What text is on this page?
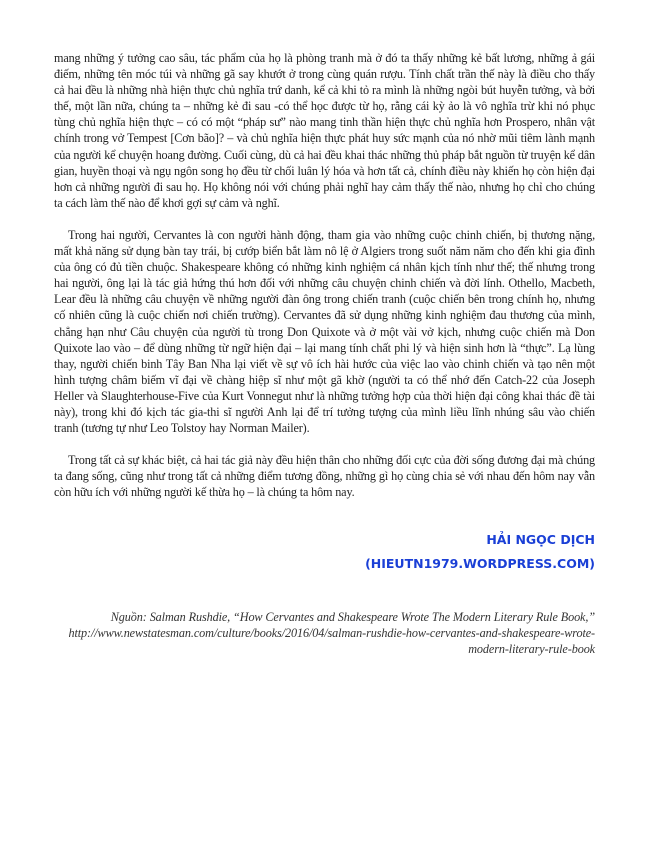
mang những ý tưởng cao sâu, tác phẩm của họ là phòng tranh mà ở đó ta thấy những kẻ bất lương, những ả gái điếm, những tên móc túi và những gã say khướt ở trong cùng quán rượu. Tính chất trần thế này là điều cho thấy cả hai đều là những nhà hiện thực chủ nghĩa trứ danh, kể cả khi tỏ ra mình là những ngòi bút huyễn tưởng, và bởi thế, một lần nữa, chúng ta – những kẻ đi sau -có thể học được từ họ, rằng cái kỳ ảo là vô nghĩa trừ khi nó phục tùng chủ nghĩa hiện thực – có có một “pháp sư” nào mang tinh thần hiện thực chủ nghĩa hơn Prospero, nhân vật chính trong vở Tempest [Cơn bão]? – và chủ nghĩa hiện thực phát huy sức mạnh của nó nhờ mũi tiêm lành mạnh của người kể chuyện hoang đường. Cuối cùng, dù cả hai đều khai thác những thủ pháp bắt nguồn từ truyện kể dân gian, huyền thoại và ngụ ngôn song họ đều từ chối luân lý hóa và hơn tất cả, chính điều này khiến họ còn hiện đại hơn cả những người đi sau họ. Họ không nói với chúng phải nghĩ hay cảm thấy thế nào, nhưng họ chỉ cho chúng ta cách làm thế nào để khơi gợi sự cảm và nghĩ.

Trong hai người, Cervantes là con người hành động, tham gia vào những cuộc chinh chiến, bị thương nặng, mất khả năng sử dụng bàn tay trái, bị cướp biển bắt làm nô lệ ở Algiers trong suốt năm năm cho đến khi gia đình của ông có đủ tiền chuộc. Shakespeare không có những kinh nghiệm cá nhân kịch tính như thế; thế nhưng trong hai người, ông lại là tác giả hứng thú hơn đối với những câu chuyện chinh chiến và đời lính. Othello, Macbeth, Lear đều là những câu chuyện về những người đàn ông trong chiến tranh (cuộc chiến bên trong chính họ, nhưng cố nhiên cũng là cuộc chiến nơi chiến trường). Cervantes đã sử dụng những kinh nghiệm đau thương của mình, chẳng hạn như Câu chuyện của người tù trong Don Quixote và ở một vài vở kịch, nhưng cuộc chiến mà Don Quixote lao vào – để dùng những từ ngữ hiện đại – lại mang tính chất phi lý và hiện sinh hơn là “thực”. Lạ lùng thay, người chiến binh Tây Ban Nha lại viết về sự vô ích hài hước của việc lao vào chinh chiến và tạo nên một hình tượng châm biếm vĩ đại về chàng hiệp sĩ như một gã khờ (người ta có thể nhớ đến Catch-22 của Joseph Heller và Slaughterhouse-Five của Kurt Vonnegut như là những tưởng hợp của thời hiện đại công khai thác đề tài này), trong khi đó kịch tác gia-thi sĩ người Anh lại để trí tưởng tượng của mình liều lĩnh nhúng sâu vào chiến tranh (tương tự như Leo Tolstoy hay Norman Mailer).

Trong tất cả sự khác biệt, cả hai tác giả này đều hiện thân cho những đối cực của đời sống đương đại mà chúng ta đang sống, cũng như trong tất cả những điểm tương đồng, những gì họ cùng chia sẻ với nhau đến hôm nay vẫn còn hữu ích với những người kế thừa họ – là chúng ta hôm nay.

HẢI NGỌC DỊCH
(HIEUTN1979.WORDPRESS.COM)

Nguồn: Salman Rushdie, “How Cervantes and Shakespeare Wrote The Modern Literary Rule Book,” http://www.newstatesman.com/culture/books/2016/04/salman-rushdie-how-cervantes-and-shakespeare-wrote-modern-literary-rule-book
